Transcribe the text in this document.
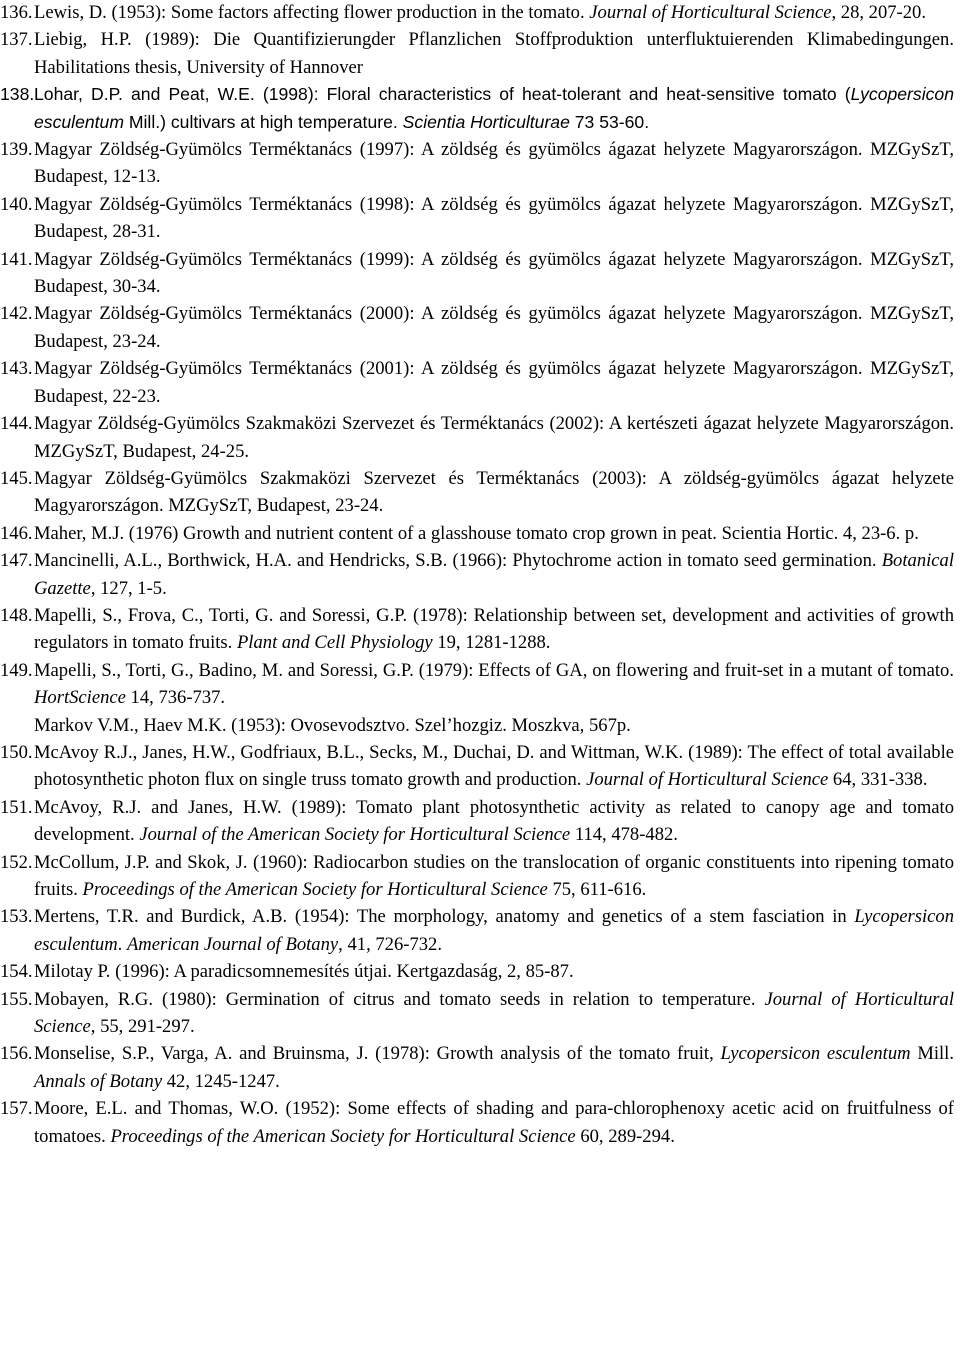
136. Lewis, D. (1953): Some factors affecting flower production in the tomato. Journal of Horticultural Science, 28, 207-20.

137. Liebig, H.P. (1989): Die Quantifizierungder Pflanzlichen Stoffproduktion unterfluktuierenden Klimabedingungen. Habilitations thesis, University of Hannover

138. Lohar, D.P. and Peat, W.E. (1998): Floral characteristics of heat-tolerant and heat-sensitive tomato (Lycopersicon esculentum Mill.) cultivars at high temperature. Scientia Horticulturae 73 53-60.

139. Magyar Zöldség-Gyümölcs Terméktanács (1997): A zöldség és gyümölcs ágazat helyzete Magyarországon. MZGySzT, Budapest, 12-13.

140. Magyar Zöldség-Gyümölcs Terméktanács (1998): A zöldség és gyümölcs ágazat helyzete Magyarországon. MZGySzT, Budapest, 28-31.

141. Magyar Zöldség-Gyümölcs Terméktanács (1999): A zöldség és gyümölcs ágazat helyzete Magyarországon. MZGySzT, Budapest, 30-34.

142. Magyar Zöldség-Gyümölcs Terméktanács (2000): A zöldség és gyümölcs ágazat helyzete Magyarországon. MZGySzT, Budapest, 23-24.

143. Magyar Zöldség-Gyümölcs Terméktanács (2001): A zöldség és gyümölcs ágazat helyzete Magyarországon. MZGySzT, Budapest, 22-23.

144. Magyar Zöldség-Gyümölcs Szakmaközi Szervezet és Terméktanács (2002): A kertészeti ágazat helyzete Magyarországon. MZGySzT, Budapest, 24-25.

145. Magyar Zöldség-Gyümölcs Szakmaközi Szervezet és Terméktanács (2003): A zöldség-gyümölcs ágazat helyzete Magyarországon. MZGySzT, Budapest, 23-24.

146. Maher, M.J. (1976) Growth and nutrient content of a glasshouse tomato crop grown in peat. Scientia Hortic. 4, 23-6. p.

147. Mancinelli, A.L., Borthwick, H.A. and Hendricks, S.B. (1966): Phytochrome action in tomato seed germination. Botanical Gazette, 127, 1-5.

148. Mapelli, S., Frova, C., Torti, G. and Soressi, G.P. (1978): Relationship between set, development and activities of growth regulators in tomato fruits. Plant and Cell Physiology 19, 1281-1288.

149. Mapelli, S., Torti, G., Badino, M. and Soressi, G.P. (1979): Effects of GA, on flowering and fruit-set in a mutant of tomato. HortScience 14, 736-737.

Markov V.M., Haev M.K. (1953): Ovosevodsztvo. Szel’hozgiz. Moszkva, 567p.

150. McAvoy R.J., Janes, H.W., Godfriaux, B.L., Secks, M., Duchai, D. and Wittman, W.K. (1989): The effect of total available photosynthetic photon flux on single truss tomato growth and production. Journal of Horticultural Science 64, 331-338.

151. McAvoy, R.J. and Janes, H.W. (1989): Tomato plant photosynthetic activity as related to canopy age and tomato development. Journal of the American Society for Horticultural Science 114, 478-482.

152. McCollum, J.P. and Skok, J. (1960): Radiocarbon studies on the translocation of organic constituents into ripening tomato fruits. Proceedings of the American Society for Horticultural Science 75, 611-616.

153. Mertens, T.R. and Burdick, A.B. (1954): The morphology, anatomy and genetics of a stem fasciation in Lycopersicon esculentum. American Journal of Botany, 41, 726-732.

154. Milotay P. (1996): A paradicsomnemesítés útjai. Kertgazdaság, 2, 85-87.

155. Mobayen, R.G. (1980): Germination of citrus and tomato seeds in relation to temperature. Journal of Horticultural Science, 55, 291-297.

156. Monselise, S.P., Varga, A. and Bruinsma, J. (1978): Growth analysis of the tomato fruit, Lycopersicon esculentum Mill. Annals of Botany 42, 1245-1247.

157. Moore, E.L. and Thomas, W.O. (1952): Some effects of shading and para-chlorophenoxy acetic acid on fruitfulness of tomatoes. Proceedings of the American Society for Horticultural Science 60, 289-294.
